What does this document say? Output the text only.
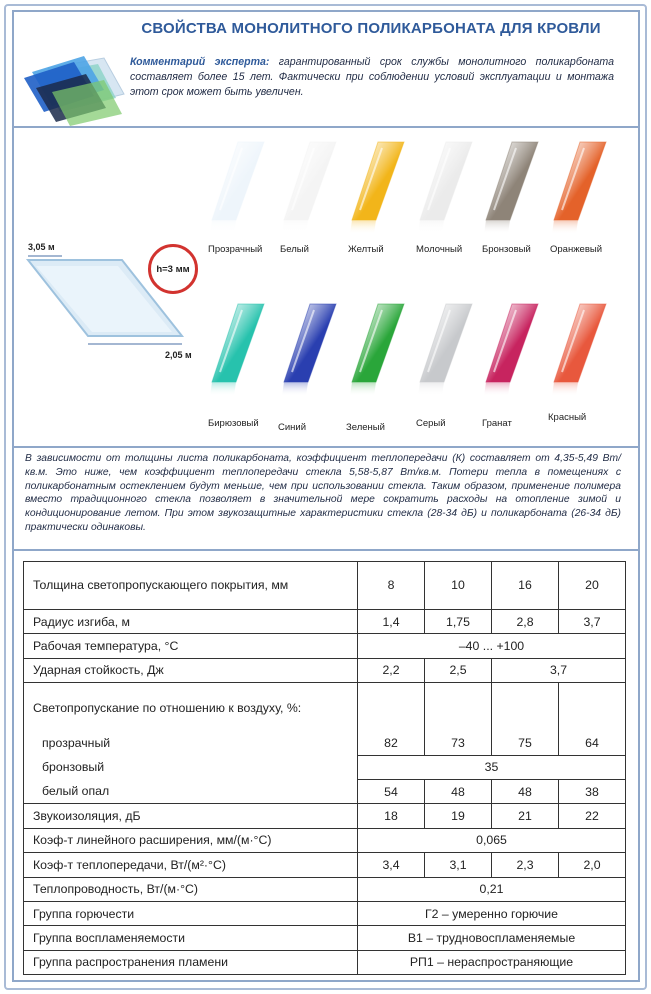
СВОЙСТВА МОНОЛИТНОГО ПОЛИКАРБОНАТА ДЛЯ КРОВЛИ
Комментарий эксперта: гарантированный срок службы монолитного поликарбоната составляет более 15 лет. Фактически при соблюдении условий эксплуатации и монтажа этот срок может быть увеличен.
3,05 м
2,05 м
h=3 мм
Прозрачный Белый	Желтый	Молочный Бронзовый Оранжевый
Бирюзовый Синий	Зеленый	Серый	Гранат
Красный
В зависимости от толщины листа поликарбоната, коэффициент теплопередачи (К) составляет от 4,35-5,49 Вт/кв.м. Это ниже, чем коэффициент теплопередачи стекла 5,58-5,87 Вт/кв.м. Потери тепла в помещениях с поликарбонатным остеклением будут меньше, чем при использовании стекла. Таким образом, применение полимера вместо традиционного стекла позволяет в значительной мере сократить расходы на отопление зимой и кондиционирование летом. При этом звукозащитные характеристики стекла (28-34 дБ) и поликарбоната (26-34 дБ) практически одинаковы.
Толщина светопропускающего покрытия, мм	8	10	16	20
Радиус изгиба, м	1,4	1,75	2,8	3,7
Рабочая температура, °С	–40 ... +100			
Ударная стойкость, Дж	2,2	2,5	3,7	
Светопропускание по отношению к воздуху, %:				
прозрачный	82	73	75	64
бронзовый	35			
белый опал	54	48	48	38
Звукоизоляция, дБ	18	19	21	22
Коэф-т линейного расширения, мм/(м·°С)	0,065			
Коэф-т теплопередачи, Вт/(м²·°С)	3,4	3,1	2,3	2,0
Теплопроводность, Вт/(м·°С)	0,21			
Группа горючести	Г2 – умеренно горючие			
Группа воспламеняемости	В1 – трудновоспламеняемые			
Группа распространения пламени	РП1 – нераспространяющие			
